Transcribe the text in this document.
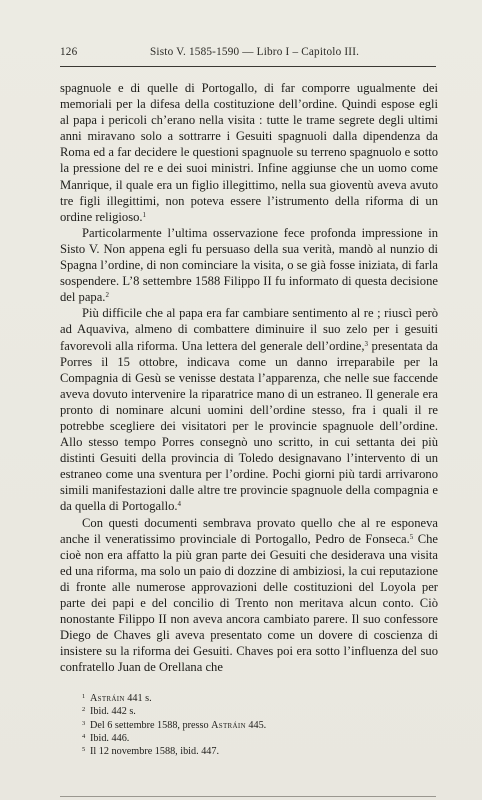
126	Sisto V. 1585-1590 — Libro I – Capitolo III.

spagnuole e di quelle di Portogallo, di far comporre ugualmente dei memoriali per la difesa della costituzione dell’ordine. Quindi espose egli al papa i pericoli ch’erano nella visita : tutte le trame segrete degli ultimi anni miravano solo a sottrarre i Gesuiti spagnuoli dalla dipendenza da Roma ed a far decidere le questioni spagnuole su terreno spagnuolo e sotto la pressione del re e dei suoi ministri. Infine aggiunse che un uomo come Manrique, il quale era un figlio illegittimo, nella sua gioventù aveva avuto tre figli illegittimi, non poteva essere l’istrumento della riforma di un ordine religioso.$^1$

Particolarmente l’ultima osservazione fece profonda impressione in Sisto V. Non appena egli fu persuaso della sua verità, mandò al nunzio di Spagna l’ordine, di non cominciare la visita, o se già fosse iniziata, di farla sospendere. L’8 settembre 1588 Filippo II fu informato di questa decisione del papa.$^2$

Più difficile che al papa era far cambiare sentimento al re ; riuscì però ad Aquaviva, almeno di combattere diminuire il suo zelo per i gesuiti favorevoli alla riforma. Una lettera del generale dell’ordine,$^3$ presentata da Porres il 15 ottobre, indicava come un danno irreparabile per la Compagnia di Gesù se venisse destata l’apparenza, che nelle sue faccende aveva dovuto intervenire la riparatrice mano di un estraneo. Il generale era pronto di nominare alcuni uomini dell’ordine stesso, fra i quali il re potrebbe scegliere dei visitatori per le provincie spagnuole dell’ordine. Allo stesso tempo Porres consegnò uno scritto, in cui settanta dei più distinti Gesuiti della provincia di Toledo designavano l’intervento di un estraneo come una sventura per l’ordine. Pochi giorni più tardi arrivarono simili manifestazioni dalle altre tre provincie spagnuole della compagnia e da quella di Portogallo.$^4$

Con questi documenti sembrava provato quello che al re esponeva anche il veneratissimo provinciale di Portogallo, Pedro de Fonseca.$^5$ Che cioè non era affatto la più gran parte dei Gesuiti che desiderava una visita ed una riforma, ma solo un paio di dozzine di ambiziosi, la cui reputazione di fronte alle numerose approvazioni delle costituzioni del Loyola per parte dei papi e del concilio di Trento non meritava alcun conto. Ciò nonostante Filippo II non aveva ancora cambiato parere. Il suo confessore Diego de Chaves gli aveva presentato come un dovere di coscienza di insistere su la riforma dei Gesuiti. Chaves poi era sotto l’influenza del suo confratello Juan de Orellana che

1 Astráin 441 s.
2 Ibid. 442 s.
3 Del 6 settembre 1588, presso Astráin 445.
4 Ibid. 446.
5 Il 12 novembre 1588, ibid. 447.
